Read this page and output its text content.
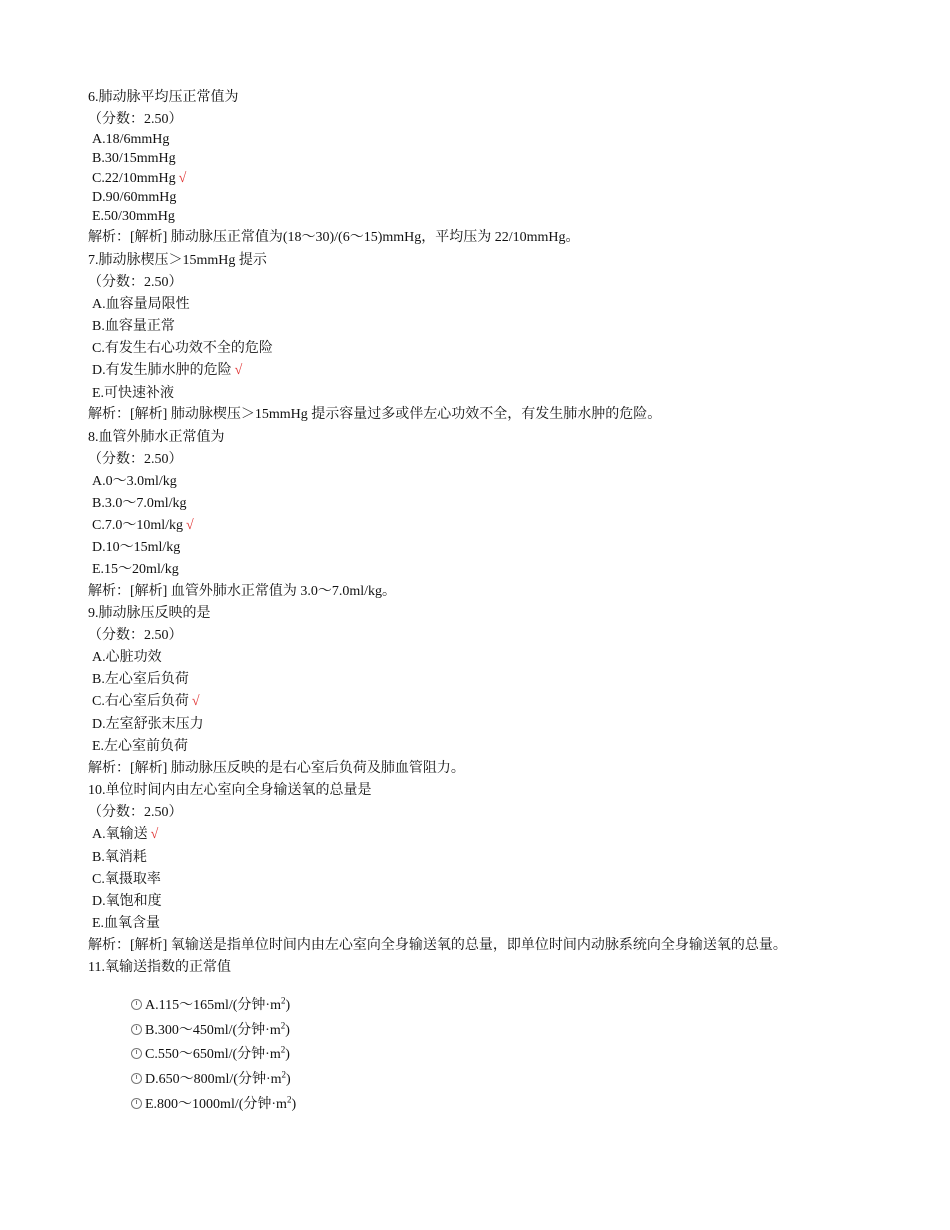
6.肺动脉平均压正常值为
（分数：2.50）
A.18/6mmHg
B.30/15mmHg
C.22/10mmHg √
D.90/60mmHg
E.50/30mmHg
解析：[解析] 肺动脉压正常值为(18～30)/(6～15)mmHg，平均压为 22/10mmHg。
7.肺动脉楔压＞15mmHg 提示
（分数：2.50）
A.血容量局限性
B.血容量正常
C.有发生右心功效不全的危险
D.有发生肺水肿的危险 √
E.可快速补液
解析：[解析] 肺动脉楔压＞15mmHg 提示容量过多或伴左心功效不全，有发生肺水肿的危险。
8.血管外肺水正常值为
（分数：2.50）
A.0～3.0ml/kg
B.3.0～7.0ml/kg
C.7.0～10ml/kg √
D.10～15ml/kg
E.15～20ml/kg
解析：[解析] 血管外肺水正常值为 3.0～7.0ml/kg。
9.肺动脉压反映的是
（分数：2.50）
A.心脏功效
B.左心室后负荷
C.右心室后负荷 √
D.左室舒张末压力
E.左心室前负荷
解析：[解析] 肺动脉压反映的是右心室后负荷及肺血管阻力。
10.单位时间内由左心室向全身输送氧的总量是
（分数：2.50）
A.氧输送 √
B.氧消耗
C.氧摄取率
D.氧饱和度
E.血氧含量
解析：[解析] 氧输送是指单位时间内由左心室向全身输送氧的总量，即单位时间内动脉系统向全身输送氧的总量。
11.氧输送指数的正常值
A.115～165ml/(分钟$\cdot m^2$)
B.300～450ml/(分钟$\cdot m^2$)
C.550～650ml/(分钟$\cdot m^2$)
D.650～800ml/(分钟$\cdot m^2$)
E.800～1000ml/(分钟$\cdot m^2$)
